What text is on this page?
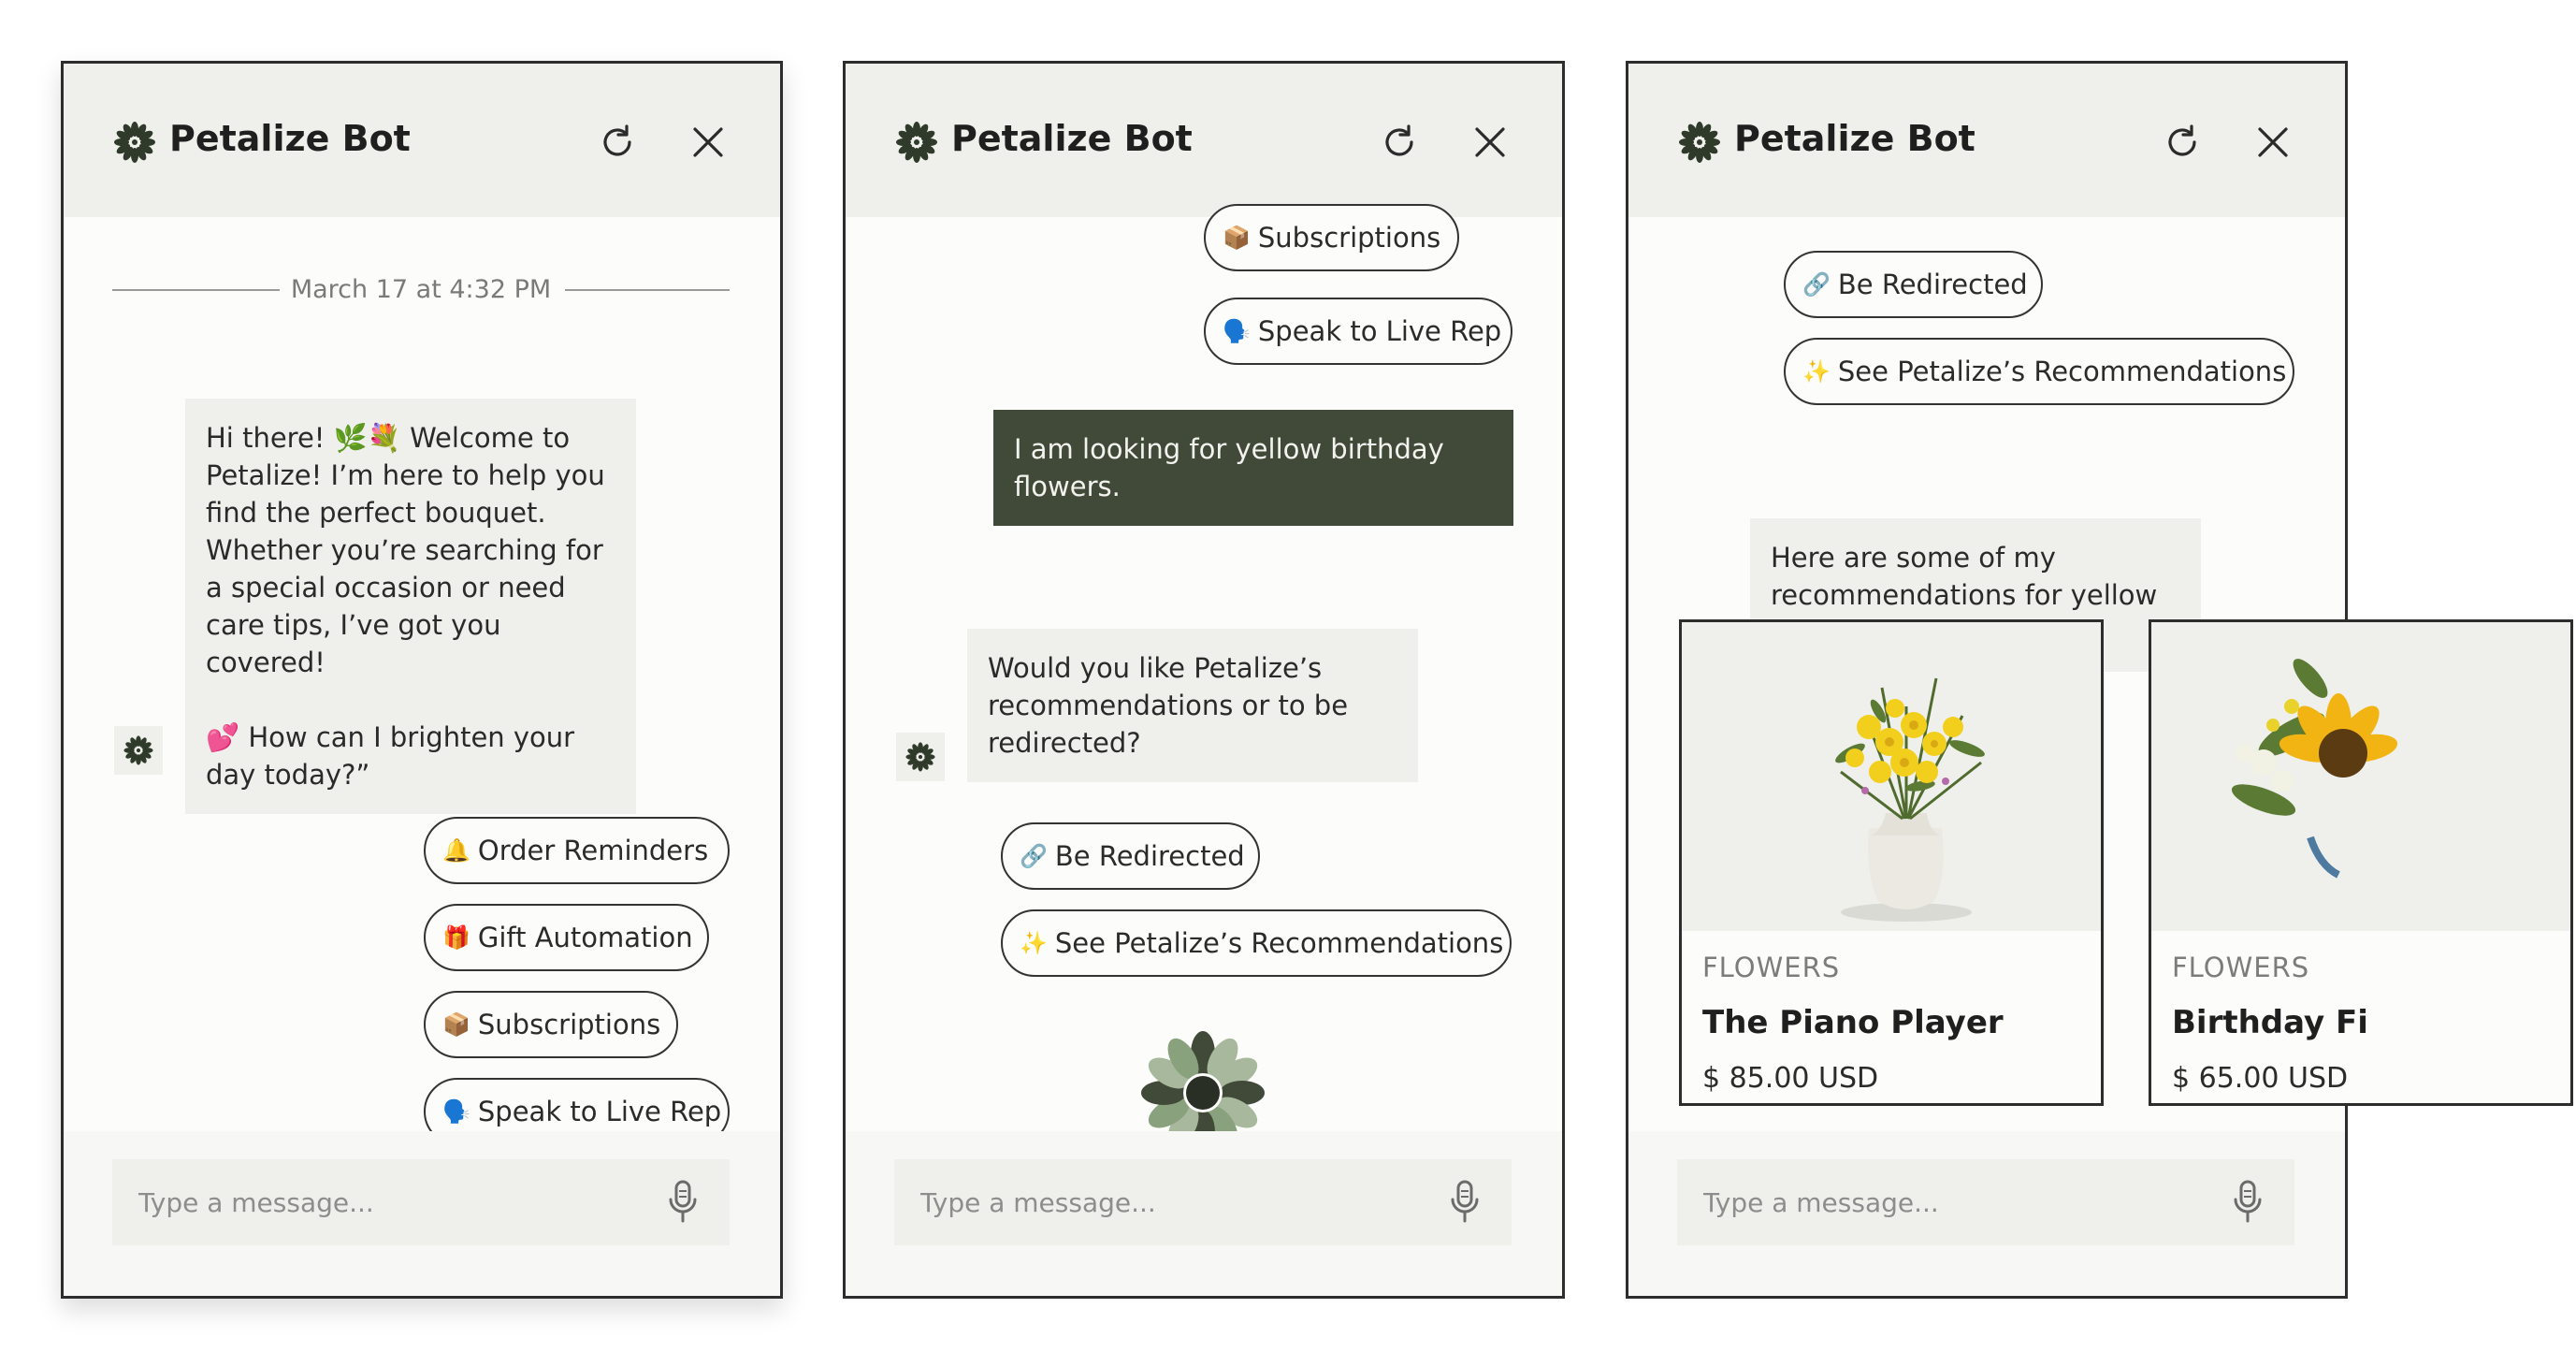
Petalize Bot
March 17 at 4:32 PM
Hi there! 🌿💐 Welcome to
Petalize! I’m here to help you
find the perfect bouquet.
Whether you’re searching for
a special occasion or need
care tips, I’ve got you covered!
💕 How can I brighten your
day today?”
🔔 Order Reminders
🎁 Gift Automation
📦 Subscriptions
🗣️ Speak to Live Rep
Type a message...
Petalize Bot
📦 Subscriptions
🗣️ Speak to Live Rep
I am looking for yellow birthday
flowers.
Would you like Petalize’s
recommendations or to be
redirected?
🔗 Be Redirected
✨ See Petalize’s Recommendations
Type a message...
Petalize Bot
🔗 Be Redirected
✨ See Petalize’s Recommendations
Here are some of my
recommendations for yellow
FLOWERS
The Piano Player
$ 85.00 USD
FLOWERS
Birthday Fi
$ 65.00 USD
Type a message...
